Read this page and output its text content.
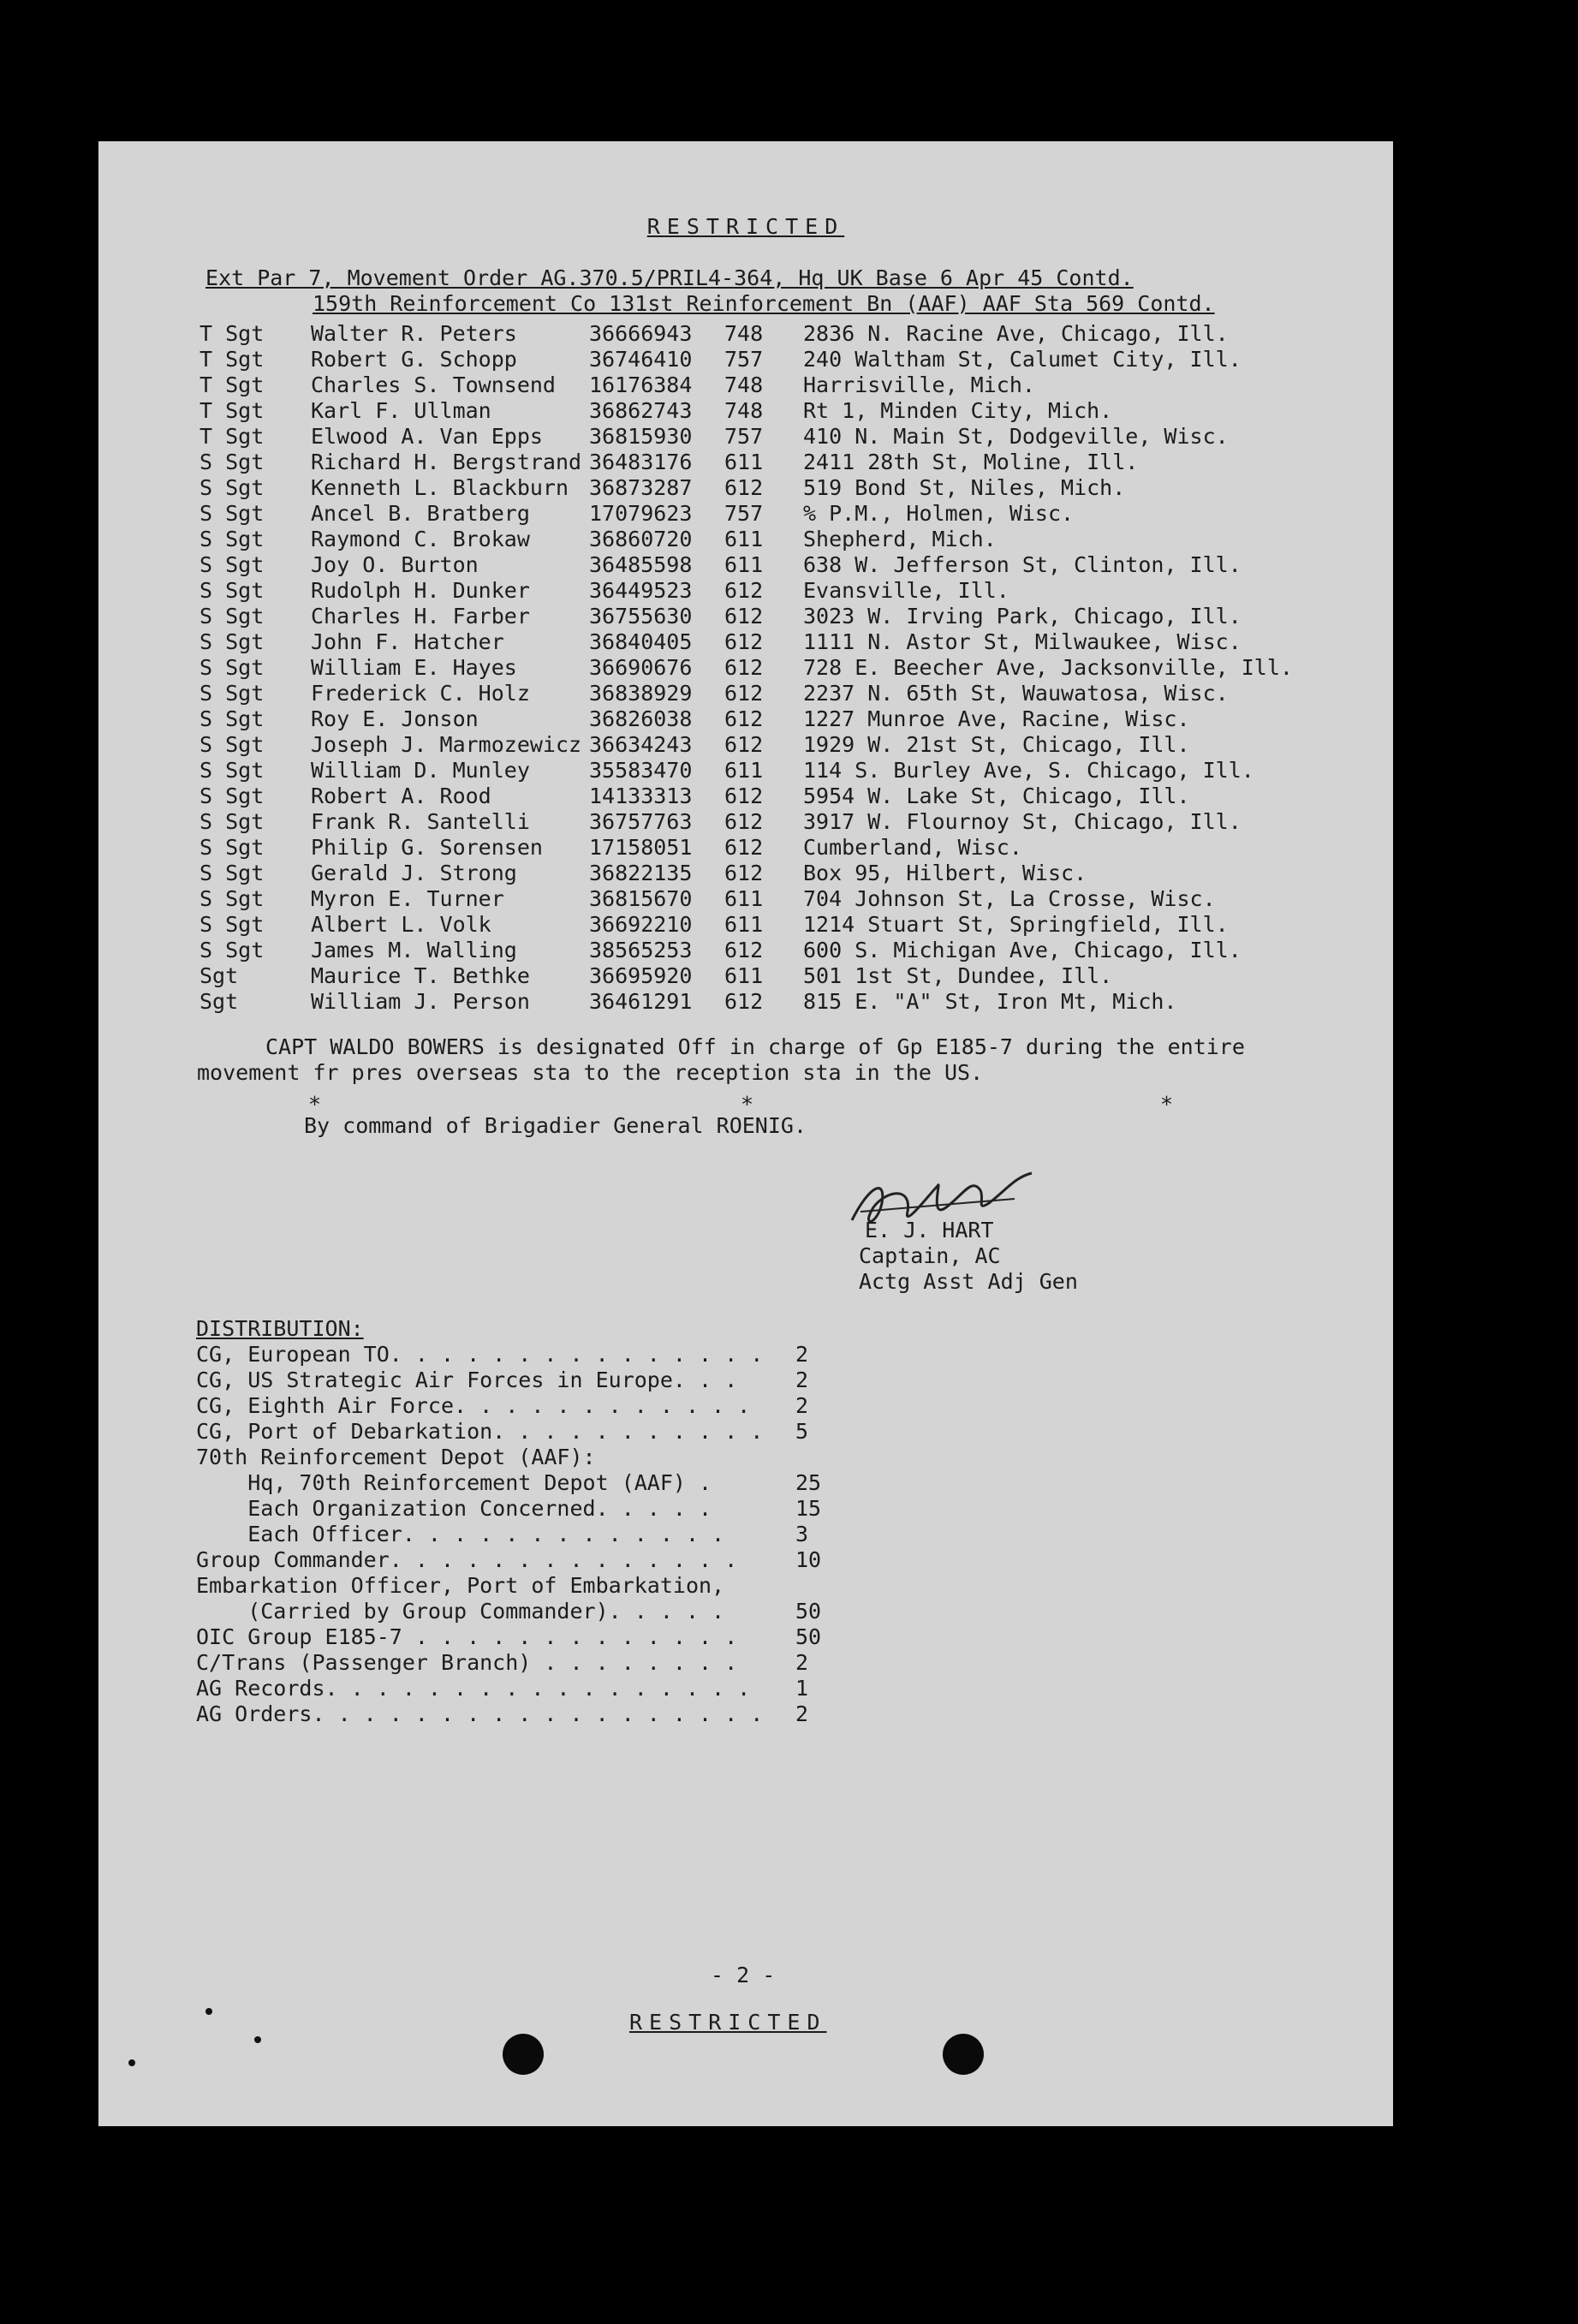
RESTRICTED
Ext Par 7, Movement Order AG.370.5/PRIL4-364, Hq UK Base 6 Apr 45 Contd.
159th Reinforcement Co 131st Reinforcement Bn (AAF) AAF Sta 569 Contd.
T Sgt	Walter R. Peters	36666943	748	2836 N. Racine Ave, Chicago, Ill.
T Sgt	Robert G. Schopp	36746410	757	240 Waltham St, Calumet City, Ill.
T Sgt	Charles S. Townsend	16176384	748	Harrisville, Mich.
T Sgt	Karl F. Ullman	36862743	748	Rt 1, Minden City, Mich.
T Sgt	Elwood A. Van Epps	36815930	757	410 N. Main St, Dodgeville, Wisc.
S Sgt	Richard H. Bergstrand	36483176	611	2411 28th St, Moline, Ill.
S Sgt	Kenneth L. Blackburn	36873287	612	519 Bond St, Niles, Mich.
S Sgt	Ancel B. Bratberg	17079623	757	% P.M., Holmen, Wisc.
S Sgt	Raymond C. Brokaw	36860720	611	Shepherd, Mich.
S Sgt	Joy O. Burton	36485598	611	638 W. Jefferson St, Clinton, Ill.
S Sgt	Rudolph H. Dunker	36449523	612	Evansville, Ill.
S Sgt	Charles H. Farber	36755630	612	3023 W. Irving Park, Chicago, Ill.
S Sgt	John F. Hatcher	36840405	612	1111 N. Astor St, Milwaukee, Wisc.
S Sgt	William E. Hayes	36690676	612	728 E. Beecher Ave, Jacksonville, Ill.
S Sgt	Frederick C. Holz	36838929	612	2237 N. 65th St, Wauwatosa, Wisc.
S Sgt	Roy E. Jonson	36826038	612	1227 Munroe Ave, Racine, Wisc.
S Sgt	Joseph J. Marmozewicz	36634243	612	1929 W. 21st St, Chicago, Ill.
S Sgt	William D. Munley	35583470	611	114 S. Burley Ave, S. Chicago, Ill.
S Sgt	Robert A. Rood	14133313	612	5954 W. Lake St, Chicago, Ill.
S Sgt	Frank R. Santelli	36757763	612	3917 W. Flournoy St, Chicago, Ill.
S Sgt	Philip G. Sorensen	17158051	612	Cumberland, Wisc.
S Sgt	Gerald J. Strong	36822135	612	Box 95, Hilbert, Wisc.
S Sgt	Myron E. Turner	36815670	611	704 Johnson St, La Crosse, Wisc.
S Sgt	Albert L. Volk	36692210	611	1214 Stuart St, Springfield, Ill.
S Sgt	James M. Walling	38565253	612	600 S. Michigan Ave, Chicago, Ill.
Sgt	Maurice T. Bethke	36695920	611	501 1st St, Dundee, Ill.
Sgt	William J. Person	36461291	612	815 E. "A" St, Iron Mt, Mich.
CAPT WALDO BOWERS is designated Off in charge of Gp E185-7 during the entire
movement fr pres overseas sta to the reception sta in the US.
*	*	*
By command of Brigadier General ROENIG.
E. J. HART
Captain, AC
Actg Asst Adj Gen
DISTRIBUTION:
CG, European TO. . . . . . . . . . . . . . .	2
CG, US Strategic Air Forces in Europe. . .	2
CG, Eighth Air Force. . . . . . . . . . . .	2
CG, Port of Debarkation. . . . . . . . . . .	5
70th Reinforcement Depot (AAF):
Hq, 70th Reinforcement Depot (AAF) .	25
Each Organization Concerned. . . . .	15
Each Officer. . . . . . . . . . . . .	3
Group Commander. . . . . . . . . . . . . .	10
Embarkation Officer, Port of Embarkation,
(Carried by Group Commander). . . . .	50
OIC Group E185-7 . . . . . . . . . . . . .	50
C/Trans (Passenger Branch) . . . . . . . .	2
AG Records. . . . . . . . . . . . . . . . .	1
AG Orders. . . . . . . . . . . . . . . . . .	2
- 2 -
RESTRICTED
